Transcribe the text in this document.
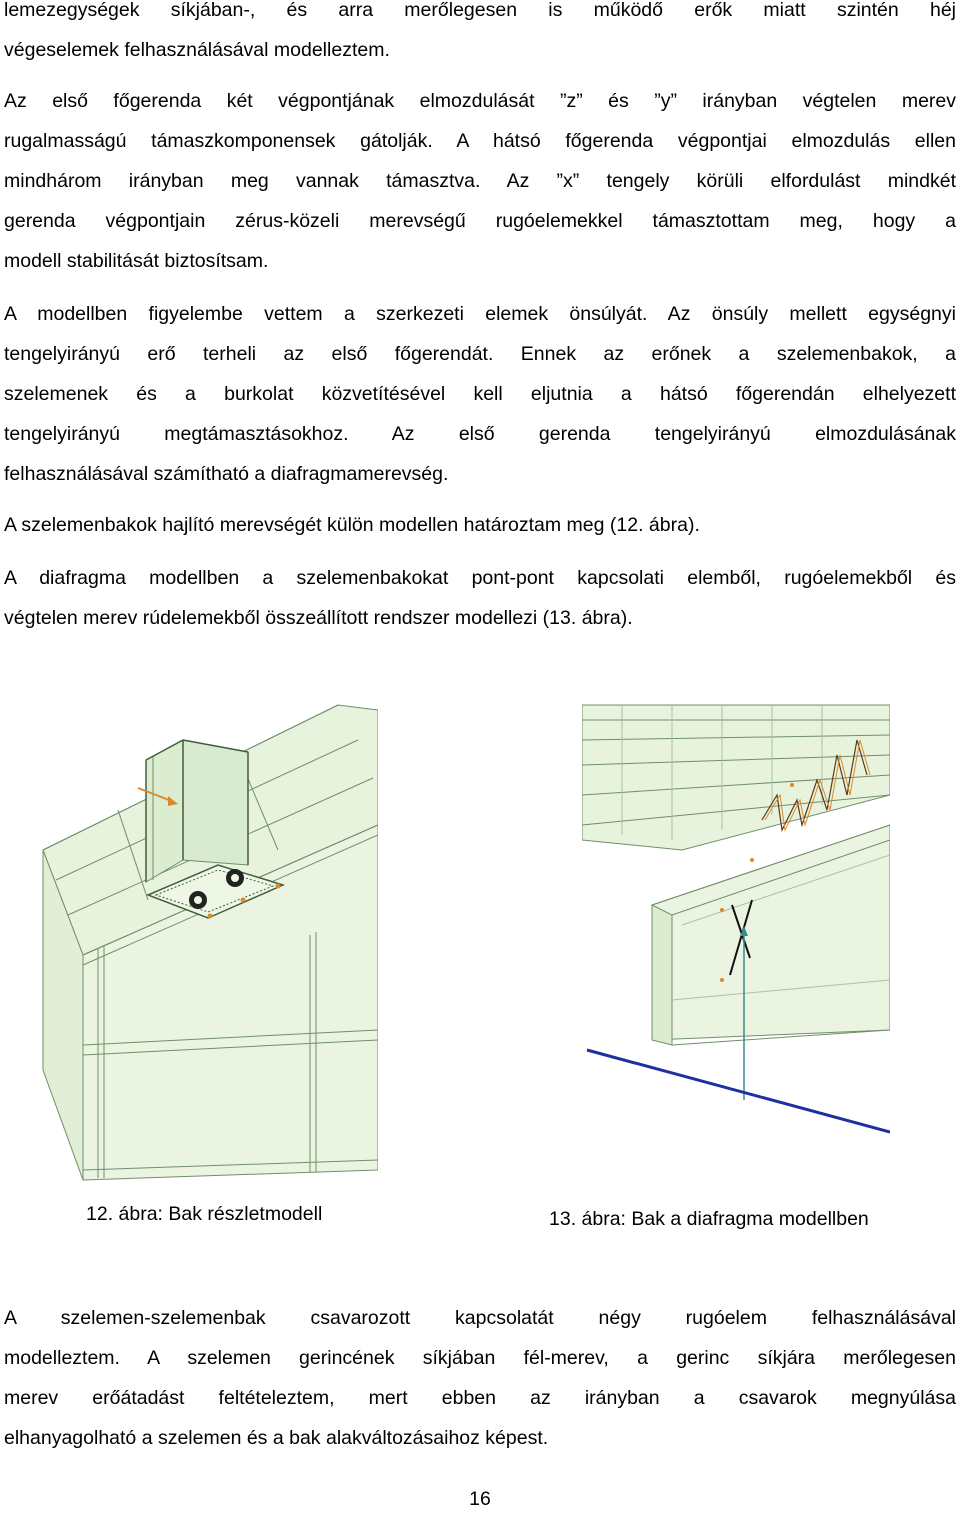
lemezegységek síkjában-, és arra merőlegesen is működő erők miatt szintén héj
végeselemek felhasználásával modelleztem.

Az első főgerenda két végpontjának elmozdulását ”z” és ”y” irányban végtelen merev
rugalmasságú támaszkomponensek gátolják. A hátsó főgerenda végpontjai elmozdulás ellen
mindhárom irányban meg vannak támasztva. Az ”x” tengely körüli elfordulást mindkét
gerenda végpontjain zérus-közeli merevségű rugóelemekkel támasztottam meg, hogy a
modell stabilitását biztosítsam.

A modellben figyelembe vettem a szerkezeti elemek önsúlyát. Az önsúly mellett egységnyi
tengelyirányú erő terheli az első főgerendát. Ennek az erőnek a szelemenbakok, a
szelemenek és a burkolat közvetítésével kell eljutnia a hátsó főgerendán elhelyezett
tengelyirányú megtámasztásokhoz. Az első gerenda tengelyirányú elmozdulásának
felhasználásával számítható a diafragmamerevség.

A szelemenbakok hajlító merevségét külön modellen határoztam meg (12. ábra).

A diafragma modellben a szelemenbakokat pont-pont kapcsolati elemből, rugóelemekből és
végtelen merev rúdelemekből összeállított rendszer modellezi (13. ábra).

12. ábra: Bak részletmodell	13. ábra: Bak a diafragma modellben

A szelemen-szelemenbak csavarozott kapcsolatát négy rugóelem felhasználásával
modelleztem. A szelemen gerincének síkjában fél-merev, a gerinc síkjára merőlegesen
merev erőátadást feltételeztem, mert ebben az irányban a csavarok megnyúlása
elhanyagolható a szelemen és a bak alakváltozásaihoz képest.

16
